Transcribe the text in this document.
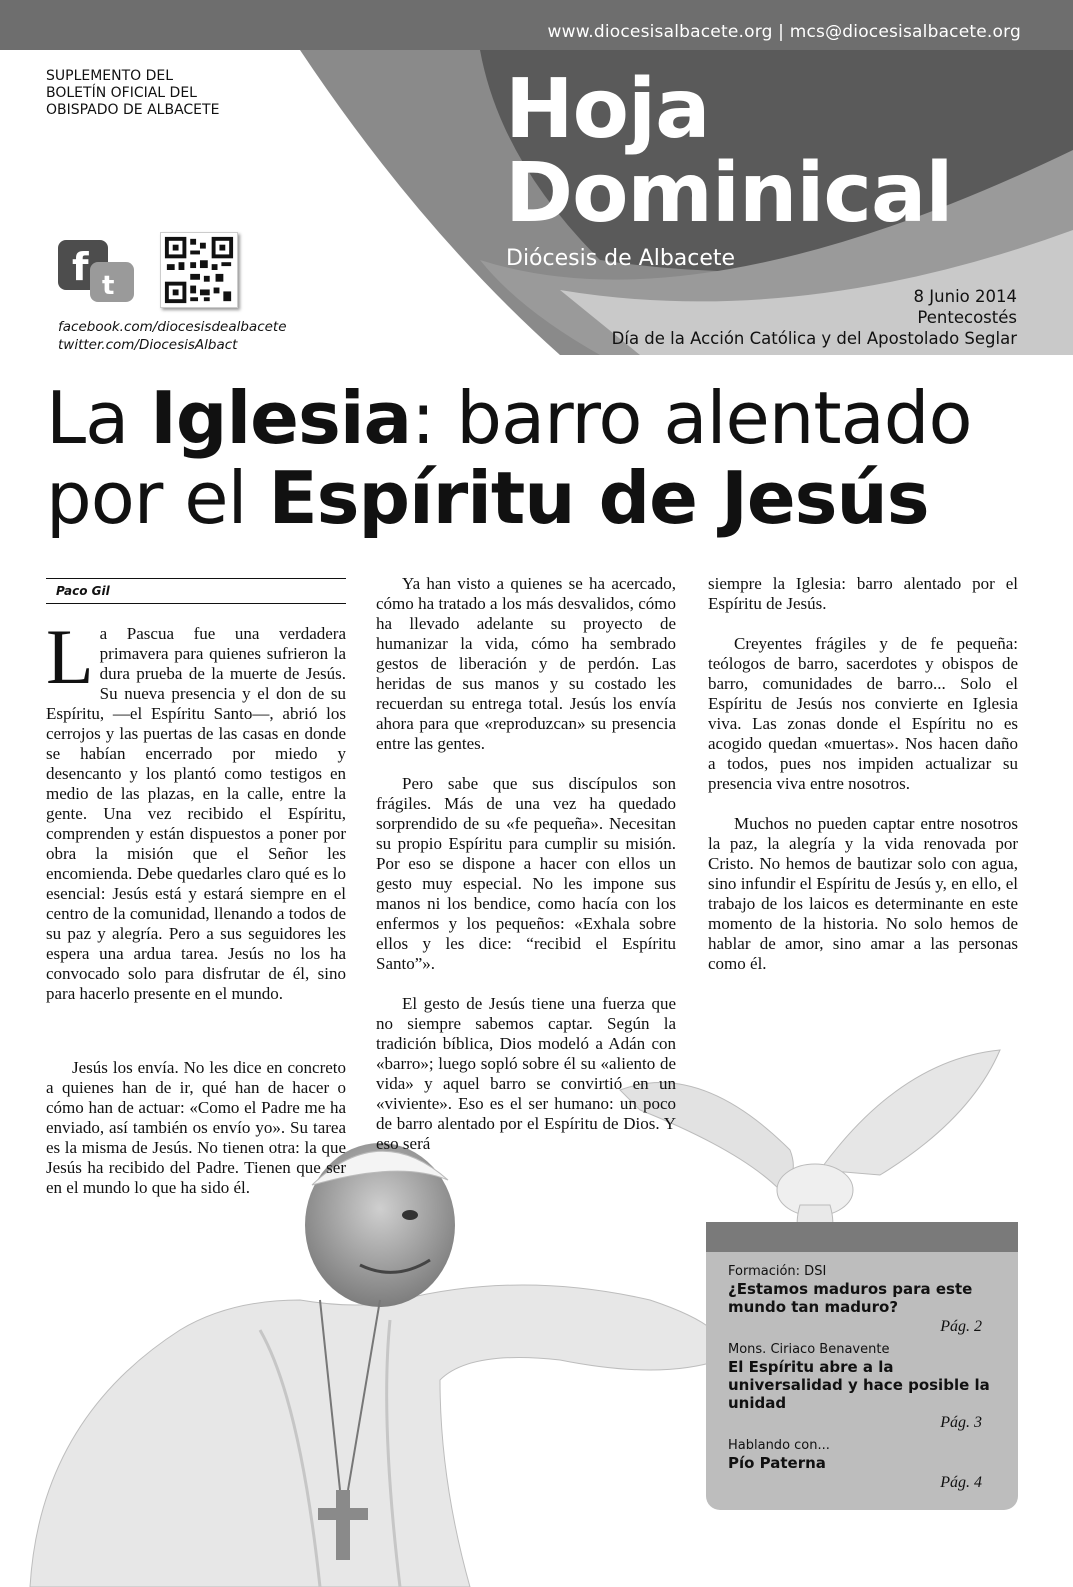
www.diocesisalbacete.org | mcs@diocesisalbacete.org
SUPLEMENTO DEL
BOLETÍN OFICIAL DEL
OBISPADO DE ALBACETE
f t
facebook.com/diocesisdealbacete
twitter.com/DiocesisAlbact
Hoja
Dominical
Diócesis de Albacete
8 Junio 2014
Pentecostés
Día de la Acción Católica y del Apostolado Seglar
La Iglesia: barro alentado
por el Espíritu de Jesús
Paco Gil

La Pascua fue una verdadera primavera para quienes sufrieron la dura prueba de la muerte de Jesús. Su nueva presencia y el don de su Espíritu, —el Espíritu Santo—, abrió los cerrojos y las puertas de las casas en donde se habían encerrado por miedo y desencanto y los plantó como testigos en medio de las plazas, en la calle, entre la gente. Una vez recibido el Espíritu, comprenden y están dispuestos a poner por obra la misión que el Señor les encomienda. Debe quedarles claro qué es lo esencial: Jesús está y estará siempre en el centro de la comunidad, llenando a todos de su paz y alegría. Pero a sus seguidores les espera una ardua tarea. Jesús no los ha convocado solo para disfrutar de él, sino para hacerlo presente en el mundo.

Jesús los envía. No les dice en concreto a quienes han de ir, qué han de hacer o cómo han de actuar: «Como el Padre me ha enviado, así también os envío yo». Su tarea es la misma de Jesús. No tienen otra: la que Jesús ha recibido del Padre. Tienen que ser en el mundo lo que ha sido él.

Ya han visto a quienes se ha acercado, cómo ha tratado a los más desvalidos, cómo ha llevado adelante su proyecto de humanizar la vida, cómo ha sembrado gestos de liberación y de perdón. Las heridas de sus manos y su costado les recuerdan su entrega total. Jesús los envía ahora para que «reproduzcan» su presencia entre las gentes.

Pero sabe que sus discípulos son frágiles. Más de una vez ha quedado sorprendido de su «fe pequeña». Necesitan su propio Espíritu para cumplir su misión. Por eso se dispone a hacer con ellos un gesto muy especial. No les impone sus manos ni los bendice, como hacía con los enfermos y los pequeños: «Exhala sobre ellos y les dice: “recibid el Espíritu Santo”».

El gesto de Jesús tiene una fuerza que no siempre sabemos captar. Según la tradición bíblica, Dios modeló a Adán con «barro»; luego sopló sobre él su «aliento de vida» y aquel barro se convirtió en un «viviente». Eso es el ser humano: un poco de barro alentado por el Espíritu de Dios. Y eso será

siempre la Iglesia: barro alentado por el Espíritu de Jesús.

Creyentes frágiles y de fe pequeña: teólogos de barro, sacerdotes y obispos de barro, comunidades de barro... Solo el Espíritu de Jesús nos convierte en Iglesia viva. Las zonas donde el Espíritu no es acogido quedan «muertas». Nos hacen daño a todos, pues nos impiden actualizar su presencia viva entre nosotros.

Muchos no pueden captar entre nosotros la paz, la alegría y la vida renovada por Cristo. No hemos de bautizar solo con agua, sino infundir el Espíritu de Jesús y, en ello, el trabajo de los laicos es determinante en este momento de la historia. No solo hemos de hablar de amor, sino amar a las personas como él.

Formación: DSI
¿Estamos maduros para este mundo tan maduro?
Pág. 2
Mons. Ciriaco Benavente
El Espíritu abre a la universalidad y hace posible la unidad
Pág. 3
Hablando con...
Pío Paterna
Pág. 4
